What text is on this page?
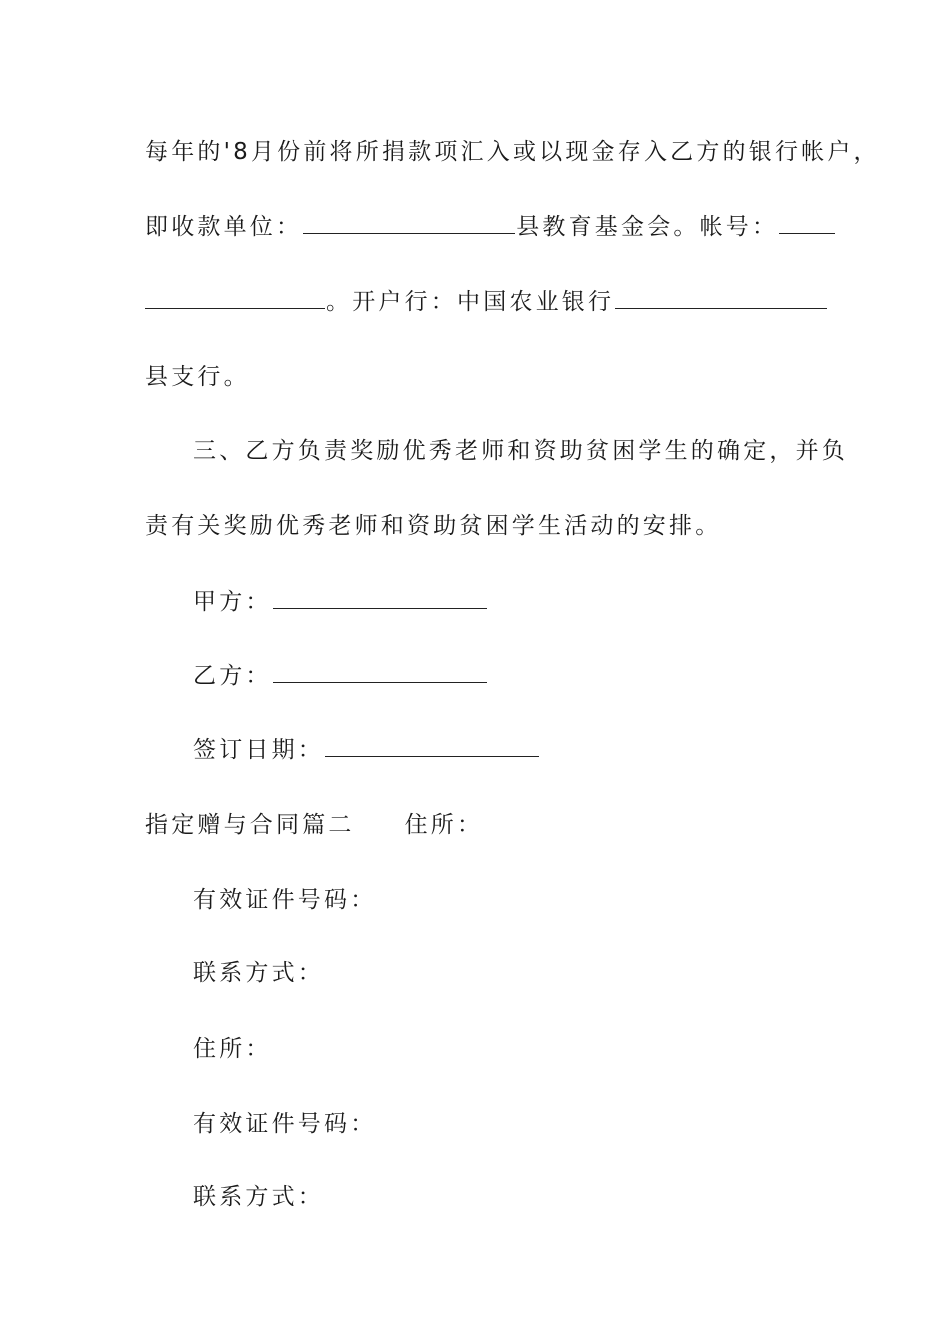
每年的'8月份前将所捐款项汇入或以现金存入乙方的银行帐户，
即收款单位：	县教育基金会。帐号：
。开户行：中国农业银行
县支行。
三、乙方负责奖励优秀老师和资助贫困学生的确定，并负
责有关奖励优秀老师和资助贫困学生活动的安排。
甲方：
乙方：
签订日期：
指定赠与合同篇二 住所：
有效证件号码：
联系方式：
住所：
有效证件号码：
联系方式：
